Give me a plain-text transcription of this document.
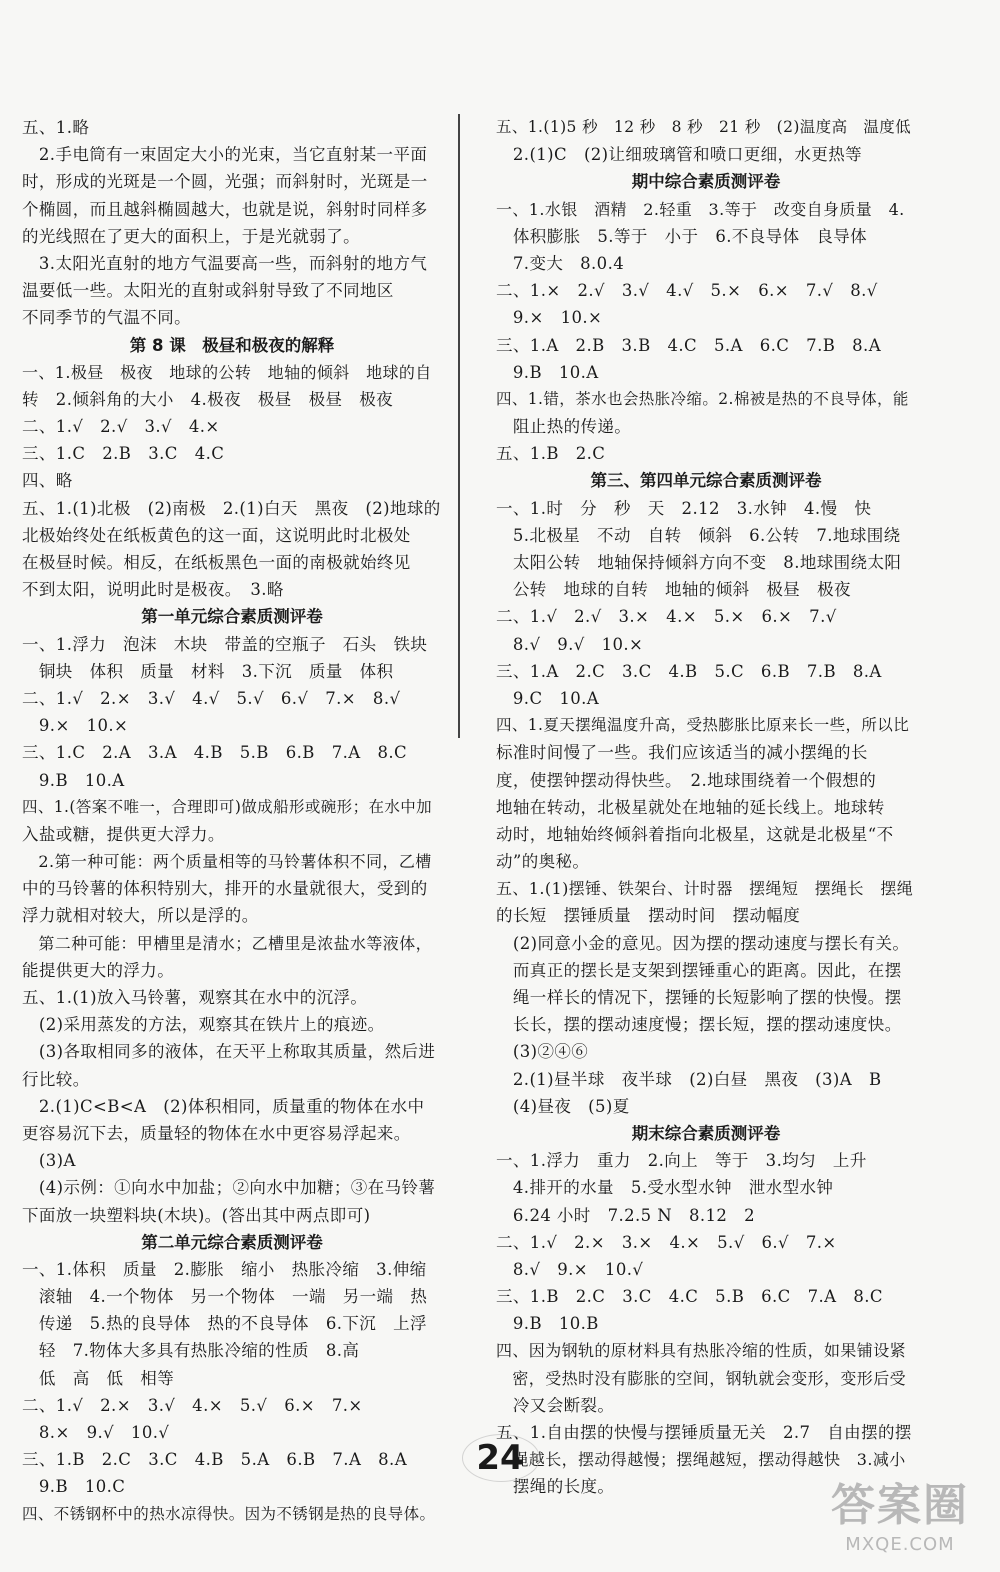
五、1.略
　2.手电筒有一束固定大小的光束，当它直射某一平面
时，形成的光斑是一个圆，光强；而斜射时，光斑是一
个椭圆，而且越斜椭圆越大，也就是说，斜射时同样多
的光线照在了更大的面积上，于是光就弱了。
　3.太阳光直射的地方气温要高一些，而斜射的地方气
温要低一些。太阳光的直射或斜射导致了不同地区
不同季节的气温不同。
第 8 课　极昼和极夜的解释
一、1.极昼　极夜　地球的公转　地轴的倾斜　地球的自
转　2.倾斜角的大小　4.极夜　极昼　极昼　极夜
二、1.√　2.√　3.√　4.×
三、1.C　2.B　3.C　4.C
四、略
五、1.(1)北极　(2)南极　2.(1)白天　黑夜　(2)地球的
北极始终处在纸板黄色的这一面，这说明此时北极处
在极昼时候。相反，在纸板黑色一面的南极就始终见
不到太阳，说明此时是极夜。　3.略
第一单元综合素质测评卷
一、1.浮力　泡沫　木块　带盖的空瓶子　石头　铁块
　铜块　体积　质量　材料　3.下沉　质量　体积
二、1.√　2.×　3.√　4.√　5.√　6.√　7.×　8.√
　9.×　10.×
三、1.C　2.A　3.A　4.B　5.B　6.B　7.A　8.C
　9.B　10.A
四、1.(答案不唯一，合理即可)做成船形或碗形；在水中加
入盐或糖，提供更大浮力。
　2.第一种可能：两个质量相等的马铃薯体积不同，乙槽
中的马铃薯的体积特别大，排开的水量就很大，受到的
浮力就相对较大，所以是浮的。
　第二种可能：甲槽里是清水；乙槽里是浓盐水等液体，
能提供更大的浮力。
五、1.(1)放入马铃薯，观察其在水中的沉浮。
　(2)采用蒸发的方法，观察其在铁片上的痕迹。
　(3)各取相同多的液体，在天平上称取其质量，然后进
行比较。
　2.(1)C<B<A　(2)体积相同，质量重的物体在水中
更容易沉下去，质量轻的物体在水中更容易浮起来。
　(3)A
　(4)示例：①向水中加盐；②向水中加糖；③在马铃薯
下面放一块塑料块(木块)。(答出其中两点即可)
第二单元综合素质测评卷
一、1.体积　质量　2.膨胀　缩小　热胀冷缩　3.伸缩
　滚轴　4.一个物体　另一个物体　一端　另一端　热
　传递　5.热的良导体　热的不良导体　6.下沉　上浮
　轻　7.物体大多具有热胀冷缩的性质　8.高
　低　高　低　相等
二、1.√　2.×　3.√　4.×　5.√　6.×　7.×
　8.×　9.√　10.√
三、1.B　2.C　3.C　4.B　5.A　6.B　7.A　8.A
　9.B　10.C
四、不锈钢杯中的热水凉得快。因为不锈钢是热的良导体。
五、1.(1)5 秒　12 秒　8 秒　21 秒　(2)温度高　温度低
　2.(1)C　(2)让细玻璃管和喷口更细，水更热等
期中综合素质测评卷
一、1.水银　酒精　2.轻重　3.等于　改变自身质量　4.
　体积膨胀　5.等于　小于　6.不良导体　良导体
　7.变大　8.0.4
二、1.×　2.√　3.√　4.√　5.×　6.×　7.√　8.√
　9.×　10.×
三、1.A　2.B　3.B　4.C　5.A　6.C　7.B　8.A
　9.B　10.A
四、1.错，茶水也会热胀冷缩。2.棉被是热的不良导体，能
　阻止热的传递。
五、1.B　2.C
第三、第四单元综合素质测评卷
一、1.时　分　秒　天　2.12　3.水钟　4.慢　快
　5.北极星　不动　自转　倾斜　6.公转　7.地球围绕
　太阳公转　地轴保持倾斜方向不变　8.地球围绕太阳
　公转　地球的自转　地轴的倾斜　极昼　极夜
二、1.√　2.√　3.×　4.×　5.×　6.×　7.√
　8.√　9.√　10.×
三、1.A　2.C　3.C　4.B　5.C　6.B　7.B　8.A
　9.C　10.A
四、1.夏天摆绳温度升高，受热膨胀比原来长一些，所以比
标准时间慢了一些。我们应该适当的减小摆绳的长
度，使摆钟摆动得快些。　2.地球围绕着一个假想的
地轴在转动，北极星就处在地轴的延长线上。地球转
动时，地轴始终倾斜着指向北极星，这就是北极星“不
动”的奥秘。
五、1.(1)摆锤、铁架台、计时器　摆绳短　摆绳长　摆绳
的长短　摆锤质量　摆动时间　摆动幅度
　(2)同意小金的意见。因为摆的摆动速度与摆长有关。
　而真正的摆长是支架到摆锤重心的距离。因此，在摆
　绳一样长的情况下，摆锤的长短影响了摆的快慢。摆
　长长，摆的摆动速度慢；摆长短，摆的摆动速度快。
　(3)②④⑥
　2.(1)昼半球　夜半球　(2)白昼　黑夜　(3)A　B
　(4)昼夜　(5)夏
期末综合素质测评卷
一、1.浮力　重力　2.向上　等于　3.均匀　上升
　4.排开的水量　5.受水型水钟　泄水型水钟
　6.24 小时　7.2.5 N　8.12　2
二、1.√　2.×　3.×　4.×　5.√　6.√　7.×
　8.√　9.×　10.√
三、1.B　2.C　3.C　4.C　5.B　6.C　7.A　8.C
　9.B　10.B
四、因为钢轨的原材料具有热胀冷缩的性质，如果铺设紧
　密，受热时没有膨胀的空间，钢轨就会变形，变形后受
　冷又会断裂。
五、1.自由摆的快慢与摆锤质量无关　2.7　自由摆的摆
　绳越长，摆动得越慢；摆绳越短，摆动得越快　3.减小
　摆绳的长度。
24
答案圈
MXQE.COM
